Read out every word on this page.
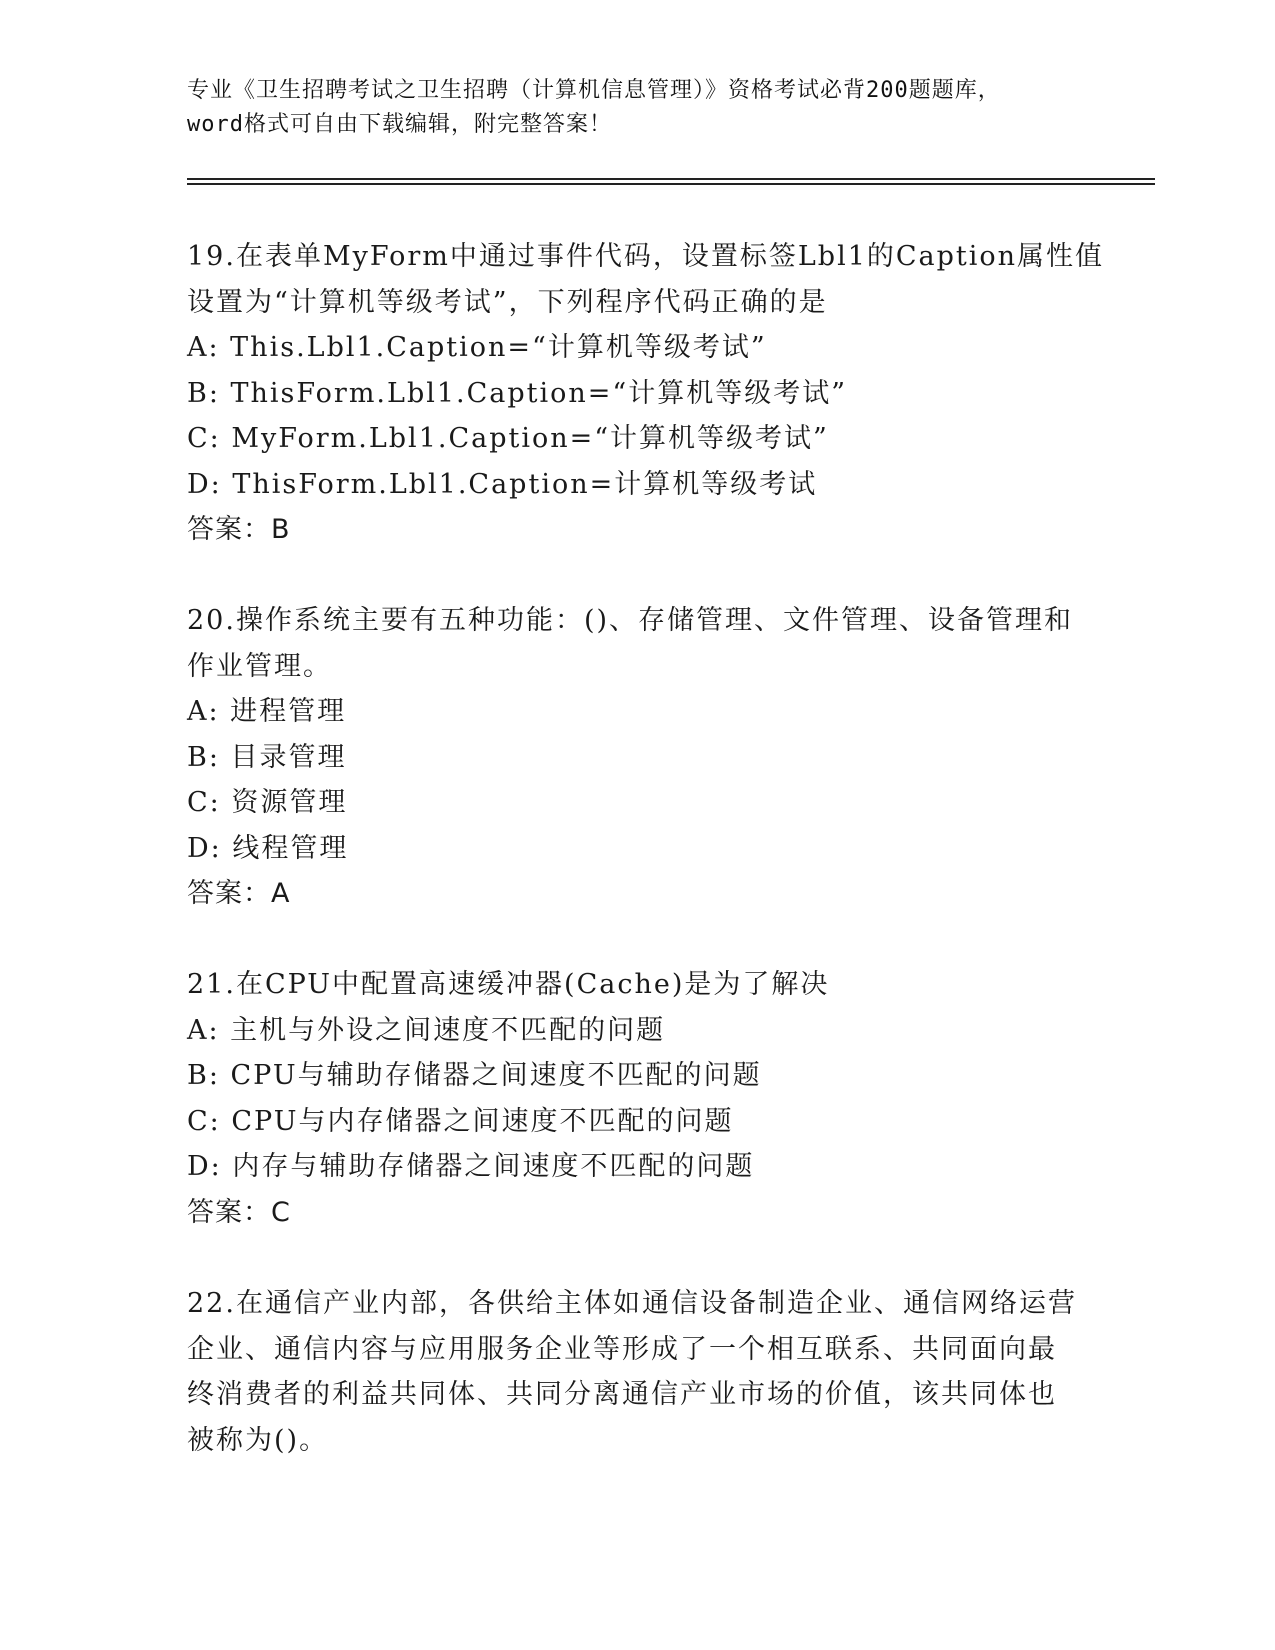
专业《卫生招聘考试之卫生招聘（计算机信息管理）》资格考试必背200题题库，
word格式可自由下载编辑，附完整答案！
19.在表单MyForm中通过事件代码，设置标签Lbl1的Caption属性值
设置为“计算机等级考试”，下列程序代码正确的是
A: This.Lbl1.Caption=“计算机等级考试”
B: ThisForm.Lbl1.Caption=“计算机等级考试”
C: MyForm.Lbl1.Caption=“计算机等级考试”
D: ThisForm.Lbl1.Caption=计算机等级考试
答案：B
20.操作系统主要有五种功能：()、存储管理、文件管理、设备管理和
作业管理。
A: 进程管理
B: 目录管理
C: 资源管理
D: 线程管理
答案：A
21.在CPU中配置高速缓冲器(Cache)是为了解决
A: 主机与外设之间速度不匹配的问题
B: CPU与辅助存储器之间速度不匹配的问题
C: CPU与内存储器之间速度不匹配的问题
D: 内存与辅助存储器之间速度不匹配的问题
答案：C
22.在通信产业内部，各供给主体如通信设备制造企业、通信网络运营
企业、通信内容与应用服务企业等形成了一个相互联系、共同面向最
终消费者的利益共同体、共同分离通信产业市场的价值，该共同体也
被称为()。
